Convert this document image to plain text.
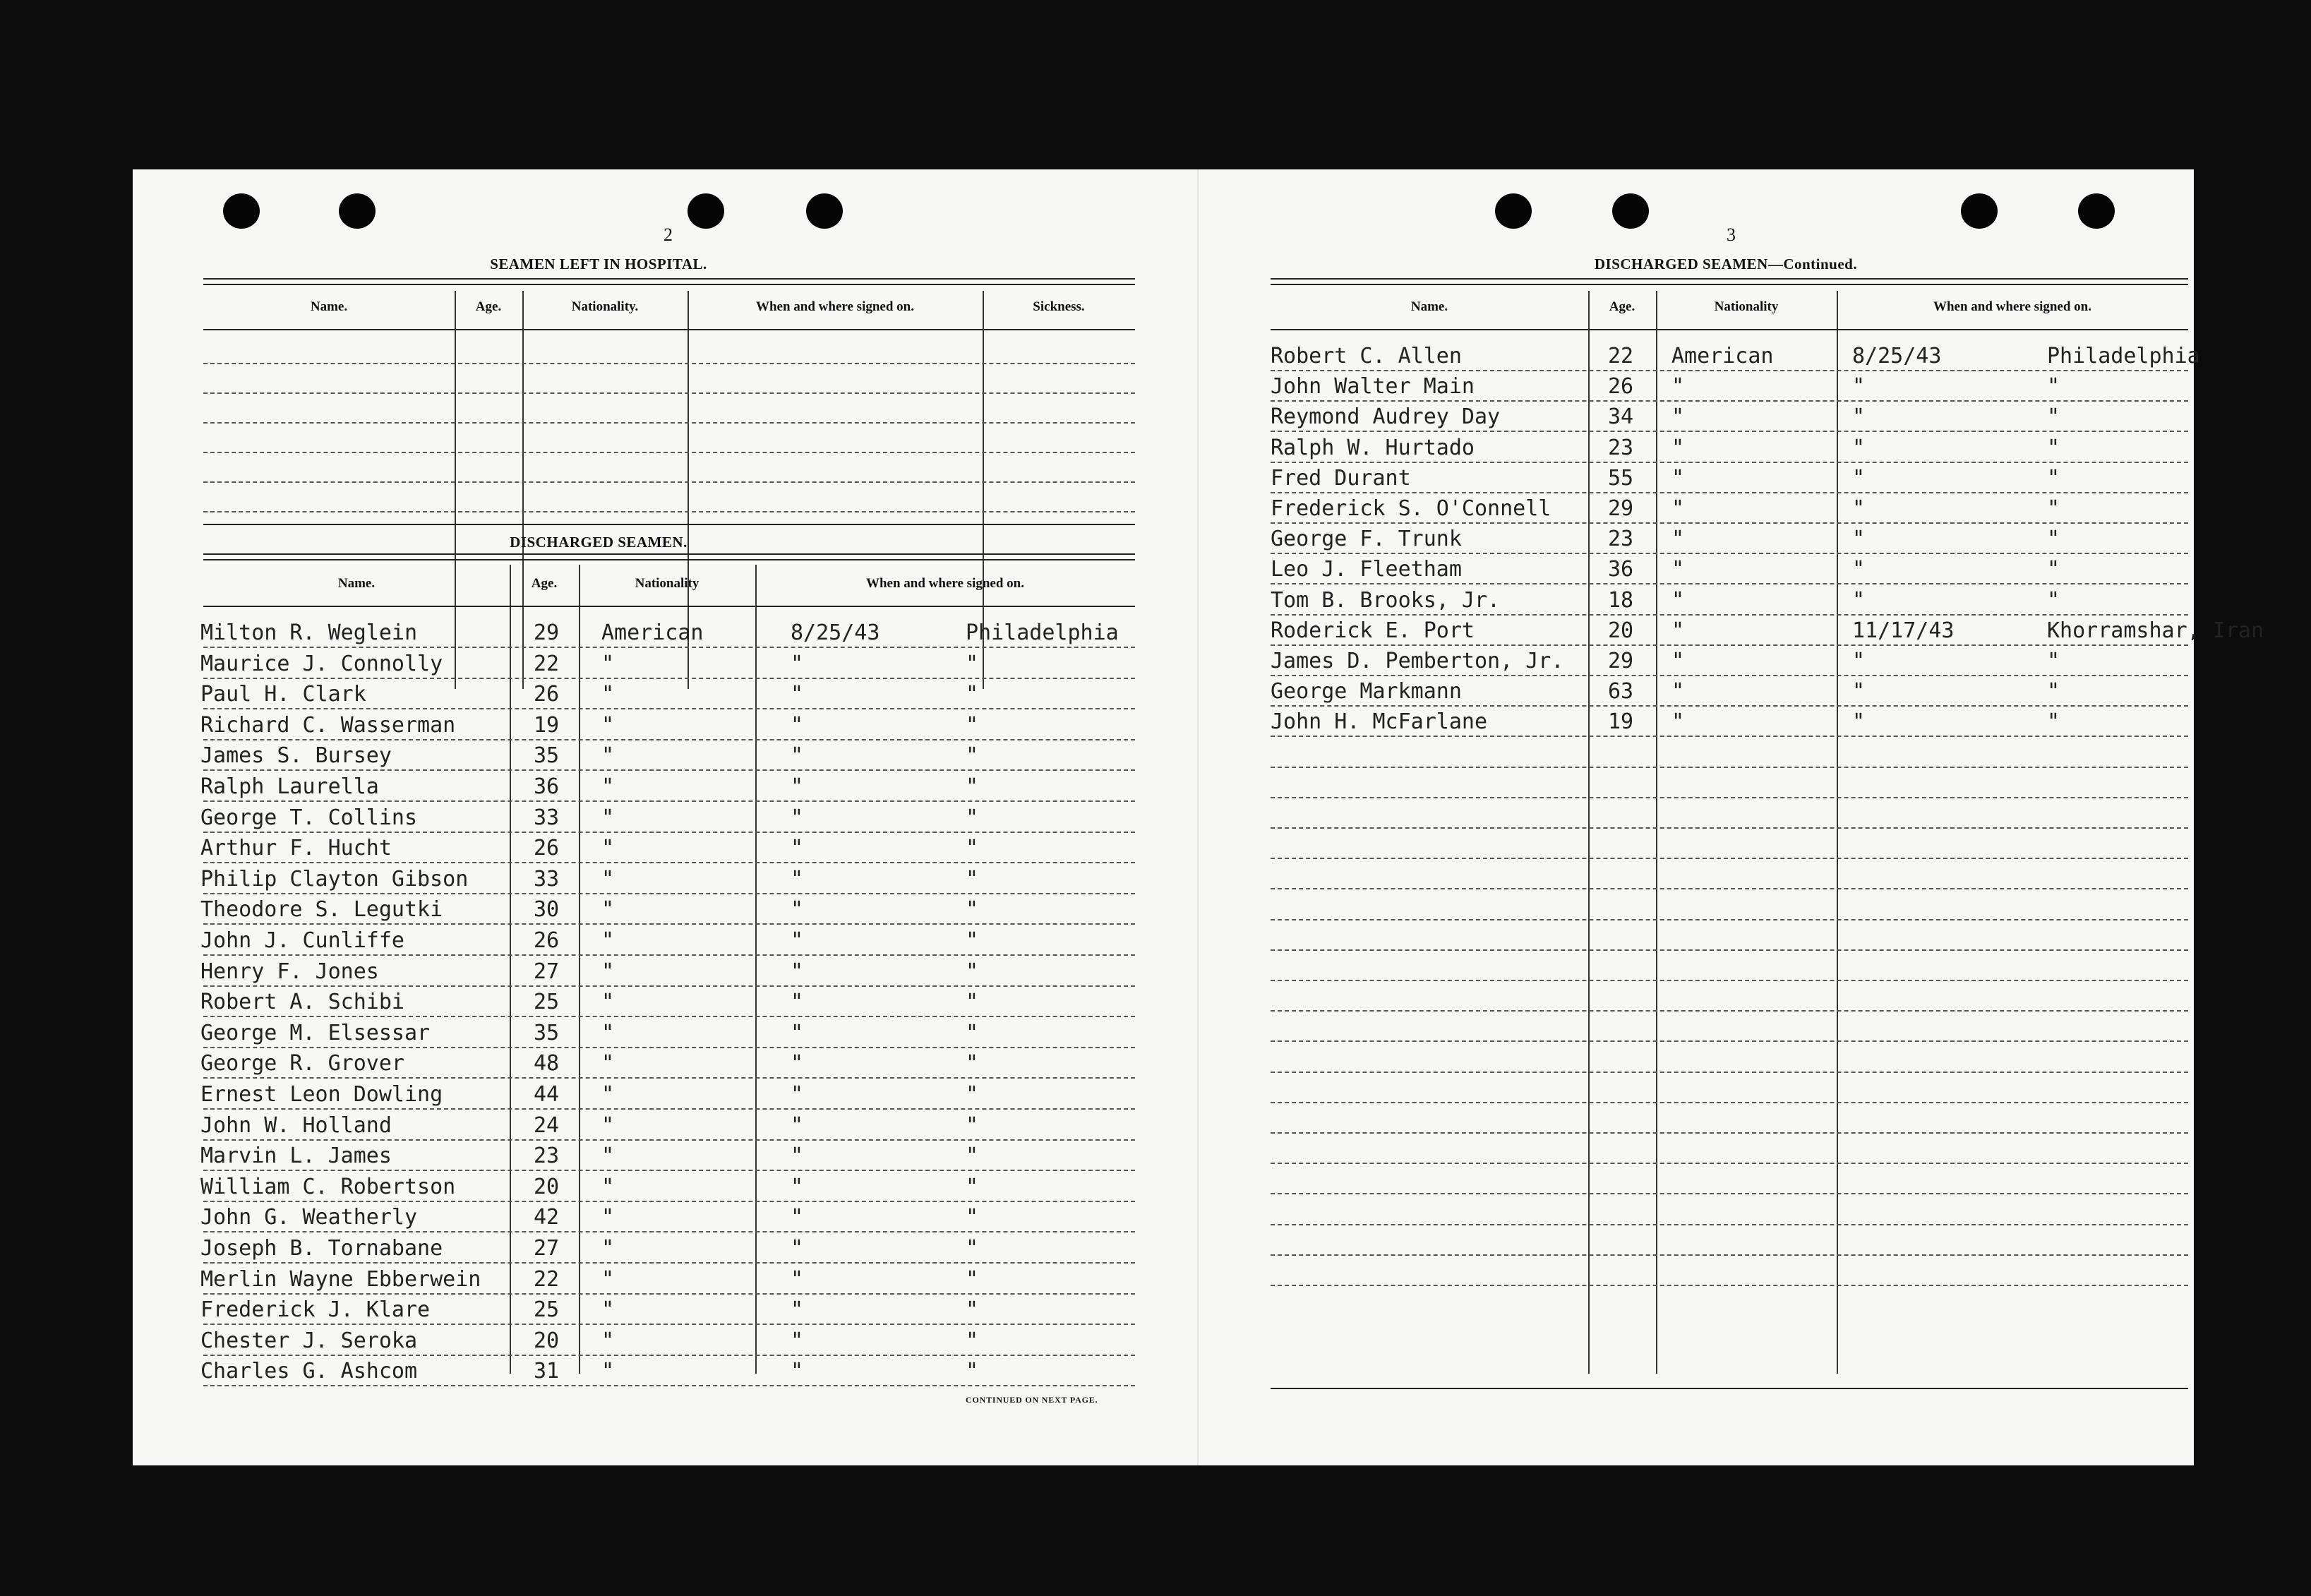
2
SEAMEN LEFT IN HOSPITAL.
Name.	Age.	Nationality.	When and where signed on.	Sickness.
DISCHARGED SEAMEN.
Name.	Age.	Nationality	When and where signed on.
Milton R. Weglein	29 American	8/25/43	Philadelphia
Maurice J. Connolly	22 "	"	"
Paul H. Clark	26 "	"	"
Richard C. Wasserman	19 "	"	"
James S. Bursey	35 "	"	"
Ralph Laurella	36 "	"	"
George T. Collins	33 "	"	"
Arthur F. Hucht	26 "	"	"
Philip Clayton Gibson	33 "	"	"
Theodore S. Legutki	30 "	"	"
John J. Cunliffe	26 "	"	"
Henry F. Jones	27 "	"	"
Robert A. Schibi	25 "	"	"
George M. Elsessar	35 "	"	"
George R. Grover	48 "	"	"
Ernest Leon Dowling	44 "	"	"
John W. Holland	24 "	"	"
Marvin L. James	23 "	"	"
William C. Robertson	20 "	"	"
John G. Weatherly	42 "	"	"
Joseph B. Tornabane	27 "	"	"
Merlin Wayne Ebberwein 22 "	"	"
Frederick J. Klare	25 "	"	"
Chester J. Seroka	20 "	"	"
Charles G. Ashcom	31 "	"	"
CONTINUED ON NEXT PAGE.
3
DISCHARGED SEAMEN—Continued.
Name.	Age.	Nationality	When and where signed on.
Robert C. Allen	22 American	8/25/43	Philadelphia
John Walter Main	26 "	"	"
Reymond Audrey Day	34 "	"	"
Ralph W. Hurtado	23 "	"	"
Fred Durant	55 "	"	"
Frederick S. O'Connell	29 "	"	"
George F. Trunk	23 "	"	"
Leo J. Fleetham	36 "	"	"
Tom B. Brooks, Jr.	18 "	"	"
Roderick E. Port	20 "	11/17/43	Khorramshar, Iran
James D. Pemberton, Jr. 29 "	"	"
George Markmann	63 "	"	"
John H. McFarlane	19 "	"	"
